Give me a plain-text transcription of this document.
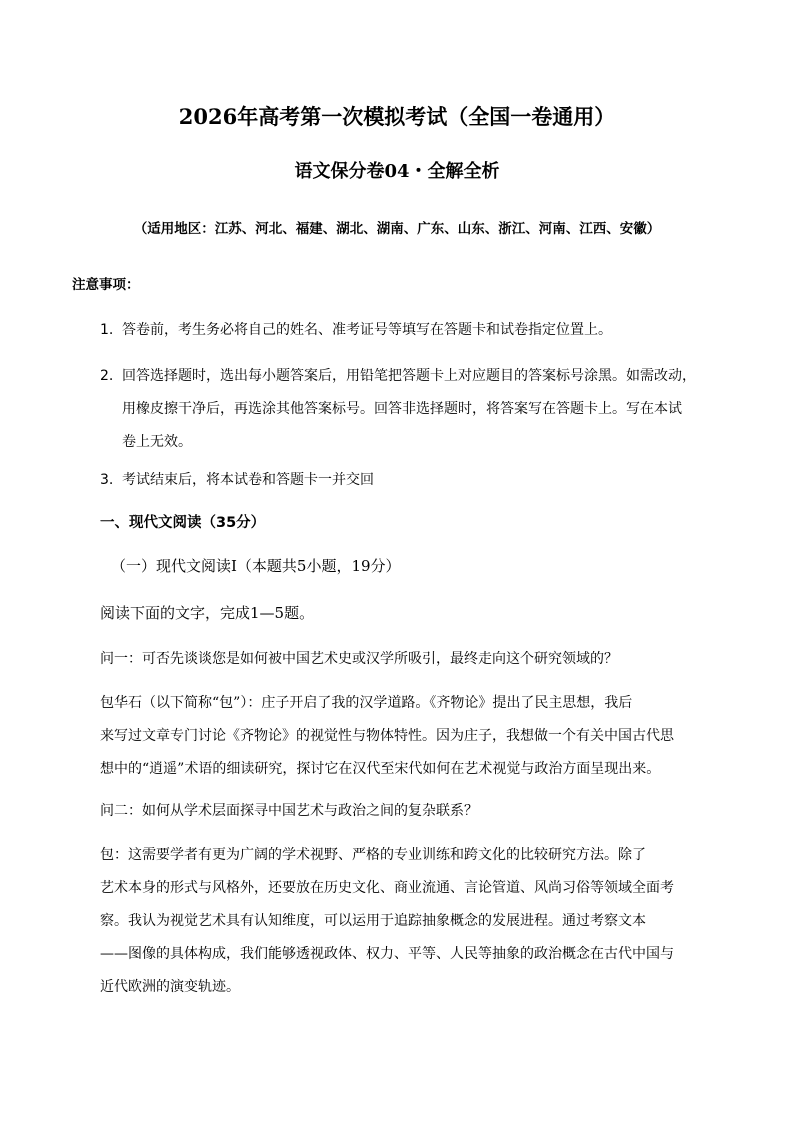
2026年高考第一次模拟考试（全国一卷通用）
语文保分卷04・全解全析
（适用地区：江苏、河北、福建、湖北、湖南、广东、山东、浙江、河南、江西、安徽）
注意事项：
1. 答卷前，考生务必将自己的姓名、准考证号等填写在答题卡和试卷指定位置上。
2. 回答选择题时，选出每小题答案后，用铅笔把答题卡上对应题目的答案标号涂黑。如需改动，
用橡皮擦干净后，再选涂其他答案标号。回答非选择题时，将答案写在答题卡上。写在本试
卷上无效。
3. 考试结束后，将本试卷和答题卡一并交回
一、现代文阅读（35分）
（一）现代文阅读Ⅰ（本题共5小题，19分）
阅读下面的文字，完成1—5题。
问一：可否先谈谈您是如何被中国艺术史或汉学所吸引，最终走向这个研究领域的？
包华石（以下简称“包”）：庄子开启了我的汉学道路。《齐物论》提出了民主思想，我后
来写过文章专门讨论《齐物论》的视觉性与物体特性。因为庄子，我想做一个有关中国古代思
想中的“逍遥”术语的细读研究，探讨它在汉代至宋代如何在艺术视觉与政治方面呈现出来。
问二：如何从学术层面探寻中国艺术与政治之间的复杂联系？
包：这需要学者有更为广阔的学术视野、严格的专业训练和跨文化的比较研究方法。除了
艺术本身的形式与风格外，还要放在历史文化、商业流通、言论管道、风尚习俗等领域全面考
察。我认为视觉艺术具有认知维度，可以运用于追踪抽象概念的发展进程。通过考察文本
——图像的具体构成，我们能够透视政体、权力、平等、人民等抽象的政治概念在古代中国与
近代欧洲的演变轨迹。
